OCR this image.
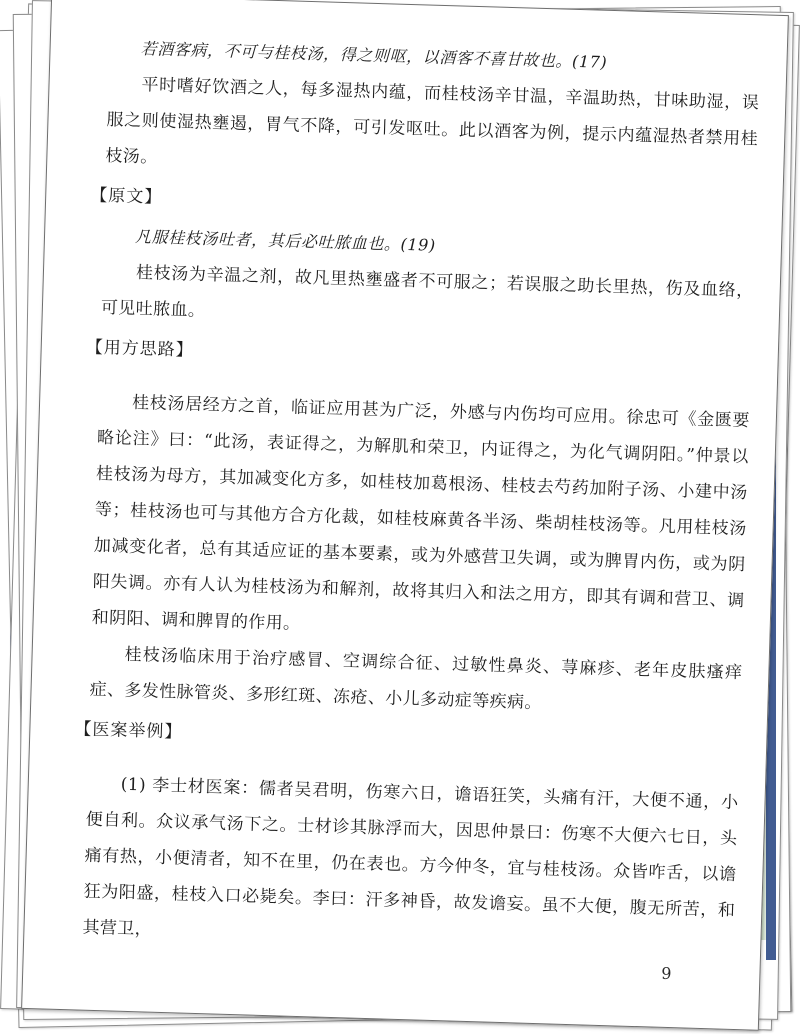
若酒客病，不可与桂枝汤，得之则呕，以酒客不喜甘故也。(17)

平时嗜好饮酒之人，每多湿热内蕴，而桂枝汤辛甘温，辛温助热，甘味助湿，误服之则使湿热壅遏，胃气不降，可引发呕吐。此以酒客为例，提示内蕴湿热者禁用桂枝汤。

【原文】

凡服桂枝汤吐者，其后必吐脓血也。(19)

桂枝汤为辛温之剂，故凡里热壅盛者不可服之；若误服之助长里热，伤及血络，可见吐脓血。

【用方思路】

桂枝汤居经方之首，临证应用甚为广泛，外感与内伤均可应用。徐忠可《金匮要略论注》曰：“此汤，表证得之，为解肌和荣卫，内证得之，为化气调阴阳。”仲景以桂枝汤为母方，其加减变化方多，如桂枝加葛根汤、桂枝去芍药加附子汤、小建中汤等；桂枝汤也可与其他方合方化裁，如桂枝麻黄各半汤、柴胡桂枝汤等。凡用桂枝汤加减变化者，总有其适应证的基本要素，或为外感营卫失调，或为脾胃内伤，或为阴阳失调。亦有人认为桂枝汤为和解剂，故将其归入和法之用方，即其有调和营卫、调和阴阳、调和脾胃的作用。

桂枝汤临床用于治疗感冒、空调综合征、过敏性鼻炎、荨麻疹、老年皮肤瘙痒症、多发性脉管炎、多形红斑、冻疮、小儿多动症等疾病。

【医案举例】

(1) 李士材医案：儒者吴君明，伤寒六日，谵语狂笑，头痛有汗，大便不通，小便自利。众议承气汤下之。士材诊其脉浮而大，因思仲景曰：伤寒不大便六七日，头痛有热，小便清者，知不在里，仍在表也。方今仲冬，宜与桂枝汤。众皆咋舌，以谵狂为阳盛，桂枝入口必毙矣。李曰：汗多神昏，故发谵妄。虽不大便，腹无所苦，和其营卫，

9
